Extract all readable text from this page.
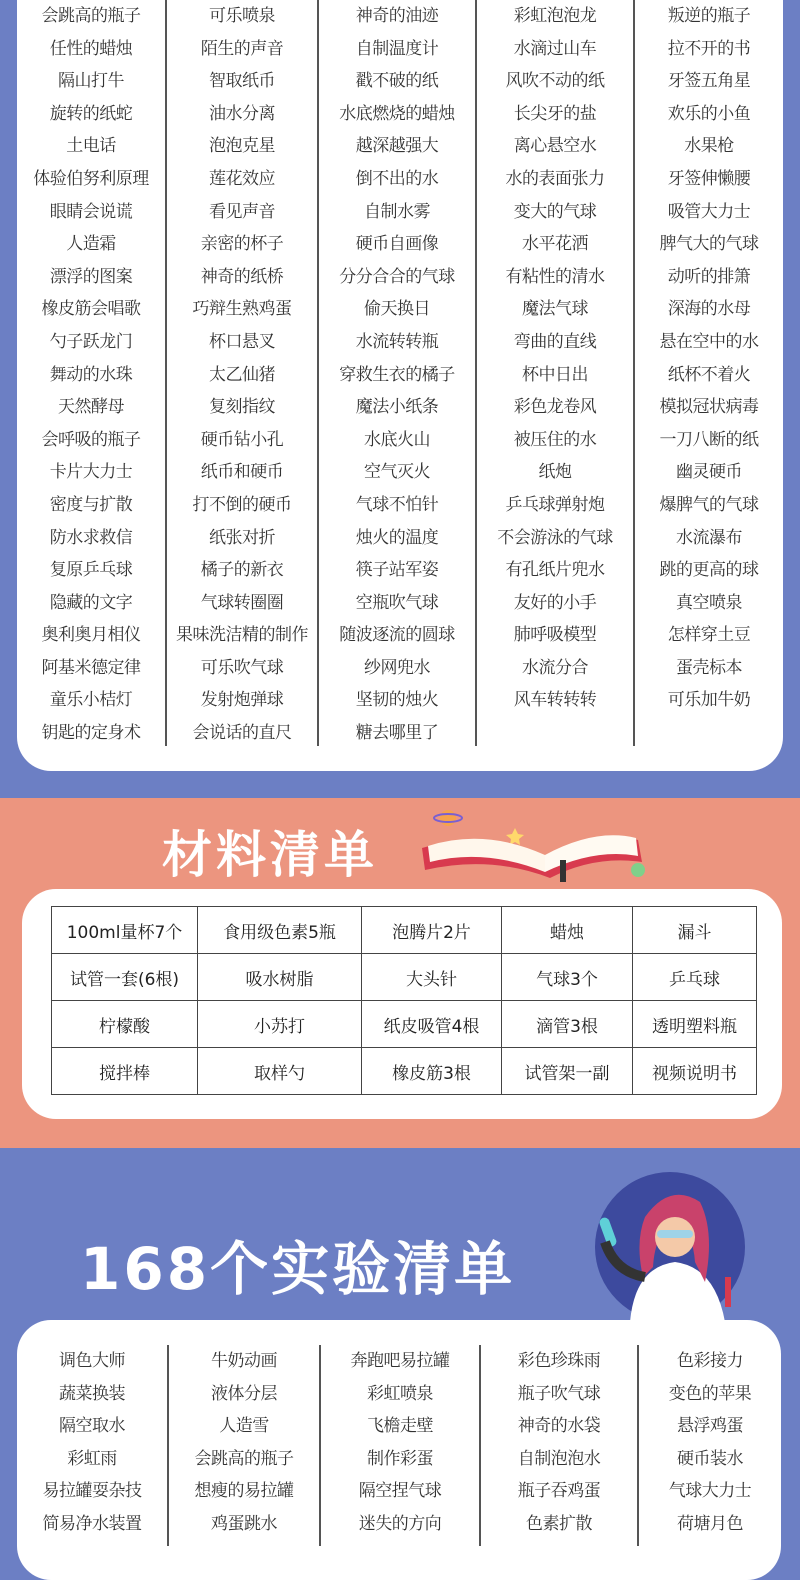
会跳高的瓶子
任性的蜡烛
隔山打牛
旋转的纸蛇
土电话
体验伯努利原理
眼睛会说谎
人造霜
漂浮的图案
橡皮筋会唱歌
勺子跃龙门
舞动的水珠
天然酵母
会呼吸的瓶子
卡片大力士
密度与扩散
防水求救信
复原乒乓球
隐藏的文字
奥利奥月相仪
阿基米德定律
童乐小桔灯
钥匙的定身术
可乐喷泉
陌生的声音
智取纸币
油水分离
泡泡克星
莲花效应
看见声音
亲密的杯子
神奇的纸桥
巧辩生熟鸡蛋
杯口悬叉
太乙仙猪
复刻指纹
硬币钻小孔
纸币和硬币
打不倒的硬币
纸张对折
橘子的新衣
气球转圈圈
果味洗洁精的制作
可乐吹气球
发射炮弹球
会说话的直尺
神奇的油迹
自制温度计
戳不破的纸
水底燃烧的蜡烛
越深越强大
倒不出的水
自制水雾
硬币自画像
分分合合的气球
偷天换日
水流转转瓶
穿救生衣的橘子
魔法小纸条
水底火山
空气灭火
气球不怕针
烛火的温度
筷子站军姿
空瓶吹气球
随波逐流的圆球
纱网兜水
坚韧的烛火
糖去哪里了
彩虹泡泡龙
水滴过山车
风吹不动的纸
长尖牙的盐
离心悬空水
水的表面张力
变大的气球
水平花洒
有粘性的清水
魔法气球
弯曲的直线
杯中日出
彩色龙卷风
被压住的水
纸炮
乒乓球弹射炮
不会游泳的气球
有孔纸片兜水
友好的小手
肺呼吸模型
水流分合
风车转转转
叛逆的瓶子
拉不开的书
牙签五角星
欢乐的小鱼
水果枪
牙签伸懒腰
吸管大力士
脾气大的气球
动听的排箫
深海的水母
悬在空中的水
纸杯不着火
模拟冠状病毒
一刀八断的纸
幽灵硬币
爆脾气的气球
水流瀑布
跳的更高的球
真空喷泉
怎样穿土豆
蛋壳标本
可乐加牛奶
材料清单
100ml量杯7个	食用级色素5瓶	泡腾片2片	蜡烛	漏斗
试管一套(6根)	吸水树脂	大头针	气球3个	乒乓球
柠檬酸	小苏打	纸皮吸管4根	滴管3根	透明塑料瓶
搅拌棒	取样勺	橡皮筋3根	试管架一副	视频说明书
168个实验清单
调色大师
蔬菜换装
隔空取水
彩虹雨
易拉罐耍杂技
简易净水装置
牛奶动画
液体分层
人造雪
会跳高的瓶子
想瘦的易拉罐
鸡蛋跳水
奔跑吧易拉罐
彩虹喷泉
飞檐走壁
制作彩蛋
隔空捏气球
迷失的方向
彩色珍珠雨
瓶子吹气球
神奇的水袋
自制泡泡水
瓶子吞鸡蛋
色素扩散
色彩接力
变色的苹果
悬浮鸡蛋
硬币装水
气球大力士
荷塘月色
